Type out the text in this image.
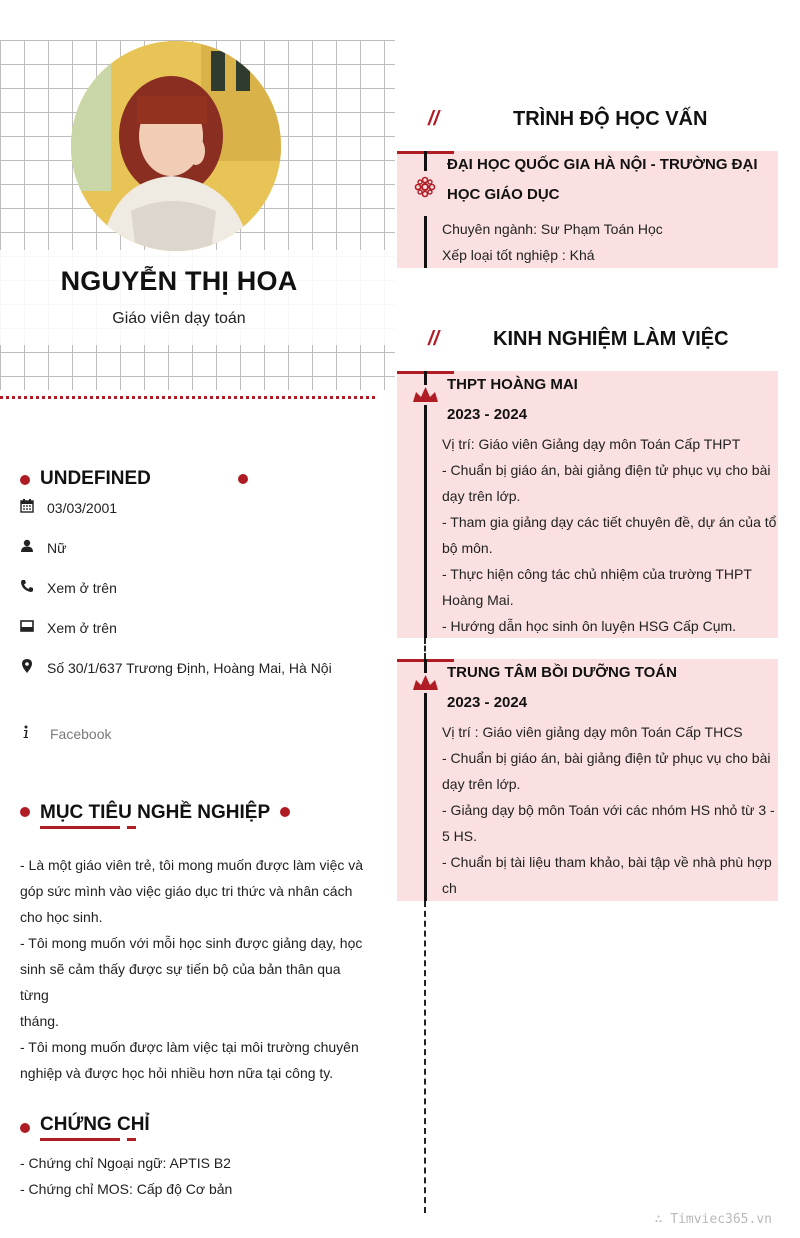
NGUYỄN THỊ HOA
Giáo viên dạy toán
UNDEFINED
03/03/2001
Nữ
Xem ở trên
Xem ở trên
Số 30/1/637 Trương Định, Hoàng Mai, Hà Nội
Facebook
MỤC TIÊU NGHỀ NGHIỆP
- Là một giáo viên trẻ, tôi mong muốn được làm việc và
góp sức mình vào việc giáo dục tri thức và nhân cách
cho học sinh.
- Tôi mong muốn với mỗi học sinh được giảng dạy, học
sinh sẽ cảm thấy được sự tiến bộ của bản thân qua từng
tháng.
- Tôi mong muốn được làm việc tại môi trường chuyên
nghiệp và được học hỏi nhiều hơn nữa tại công ty.
CHỨNG CHỈ
- Chứng chỉ Ngoại ngữ: APTIS B2
- Chứng chỉ MOS: Cấp độ Cơ bản
//	TRÌNH ĐỘ HỌC VẤN
ĐẠI HỌC QUỐC GIA HÀ NỘI - TRƯỜNG ĐẠI
HỌC GIÁO DỤC
Chuyên ngành: Sư Phạm Toán Học
Xếp loại tốt nghiệp : Khá
//	KINH NGHIỆM LÀM VIỆC
THPT HOÀNG MAI
2023 - 2024
Vị trí: Giáo viên Giảng dạy môn Toán Cấp THPT
- Chuẩn bị giáo án, bài giảng điện tử phục vụ cho bài
dạy trên lớp.
- Tham gia giảng dạy các tiết chuyên đề, dự án của tổ
bộ môn.
- Thực hiện công tác chủ nhiệm của trường THPT
Hoàng Mai.
- Hướng dẫn học sinh ôn luyện HSG Cấp Cụm.
TRUNG TÂM BỒI DƯỠNG TOÁN
2023 - 2024
Vị trí : Giáo viên giảng dạy môn Toán Cấp THCS
- Chuẩn bị giáo án, bài giảng điện tử phục vụ cho bài
dạy trên lớp.
- Giảng dạy bộ môn Toán với các nhóm HS nhỏ từ 3 -
5 HS.
- Chuẩn bị tài liệu tham khảo, bài tập về nhà phù hợp
ch
∴ Timviec365.vn
